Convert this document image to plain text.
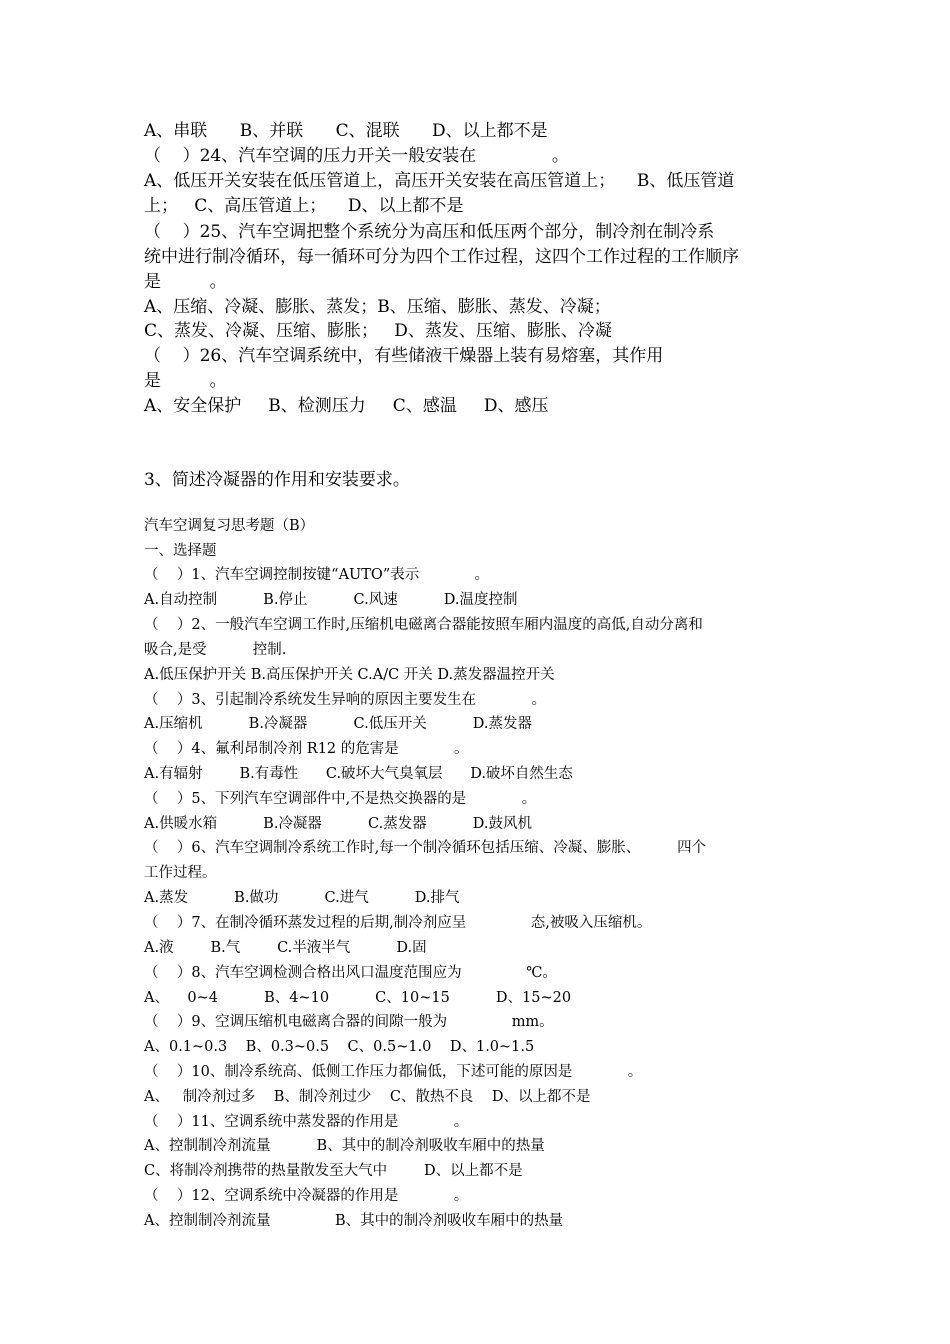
A、串联      B、并联      C、混联      D、以上都不是
（    ）24、汽车空调的压力开关一般安装在              。
A、低压开关安装在低压管道上，高压开关安装在高压管道上；    B、低压管道
上；   C、高压管道上；    D、以上都不是
（    ）25、汽车空调把整个系统分为高压和低压两个部分，制冷剂在制冷系
统中进行制冷循环，每一循环可分为四个工作过程，这四个工作过程的工作顺序
是         。
A、压缩、冷凝、膨胀、蒸发；B、压缩、膨胀、蒸发、冷凝；
C、蒸发、冷凝、压缩、膨胀；   D、蒸发、压缩、膨胀、冷凝
（    ）26、汽车空调系统中，有些储液干燥器上装有易熔塞，其作用
是         。
A、安全保护     B、检测压力     C、感温     D、感压
3、简述冷凝器的作用和安装要求。
汽车空调复习思考题（B）
一、选择题
（    ）1、汽车空调控制按键“AUTO”表示            。
A.自动控制          B.停止          C.风速          D.温度控制
（    ）2、一般汽车空调工作时,压缩机电磁离合器能按照车厢内温度的高低,自动分离和
吸合,是受          控制.
A.低压保护开关 B.高压保护开关 C.A/C 开关 D.蒸发器温控开关
（    ）3、引起制冷系统发生异响的原因主要发生在            。
A.压缩机          B.冷凝器          C.低压开关          D.蒸发器
（    ）4、氟利昂制冷剂 R12 的危害是            。
A.有辐射        B.有毒性      C.破坏大气臭氧层      D.破坏自然生态
（    ）5、下列汽车空调部件中,不是热交换器的是            。
A.供暖水箱          B.冷凝器          C.蒸发器          D.鼓风机
（    ）6、汽车空调制冷系统工作时,每一个制冷循环包括压缩、冷凝、膨胀、        四个
工作过程。
A.蒸发          B.做功          C.进气          D.排气
（    ）7、在制冷循环蒸发过程的后期,制冷剂应呈              态,被吸入压缩机。
A.液        B.气        C.半液半气          D.固
（    ）8、汽车空调检测合格出风口温度范围应为              ℃。
A、    0~4          B、4~10          C、10~15          D、15~20
（    ）9、空调压缩机电磁离合器的间隙一般为              mm。
A、0.1~0.3    B、0.3~0.5    C、0.5~1.0    D、1.0~1.5
（    ）10、制冷系统高、低侧工作压力都偏低，下述可能的原因是            。
A、   制冷剂过多    B、制冷剂过少    C、散热不良    D、以上都不是
（    ）11、空调系统中蒸发器的作用是            。
A、控制制冷剂流量          B、其中的制冷剂吸收车厢中的热量
C、将制冷剂携带的热量散发至大气中        D、以上都不是
（    ）12、空调系统中冷凝器的作用是            。
A、控制制冷剂流量              B、其中的制冷剂吸收车厢中的热量
